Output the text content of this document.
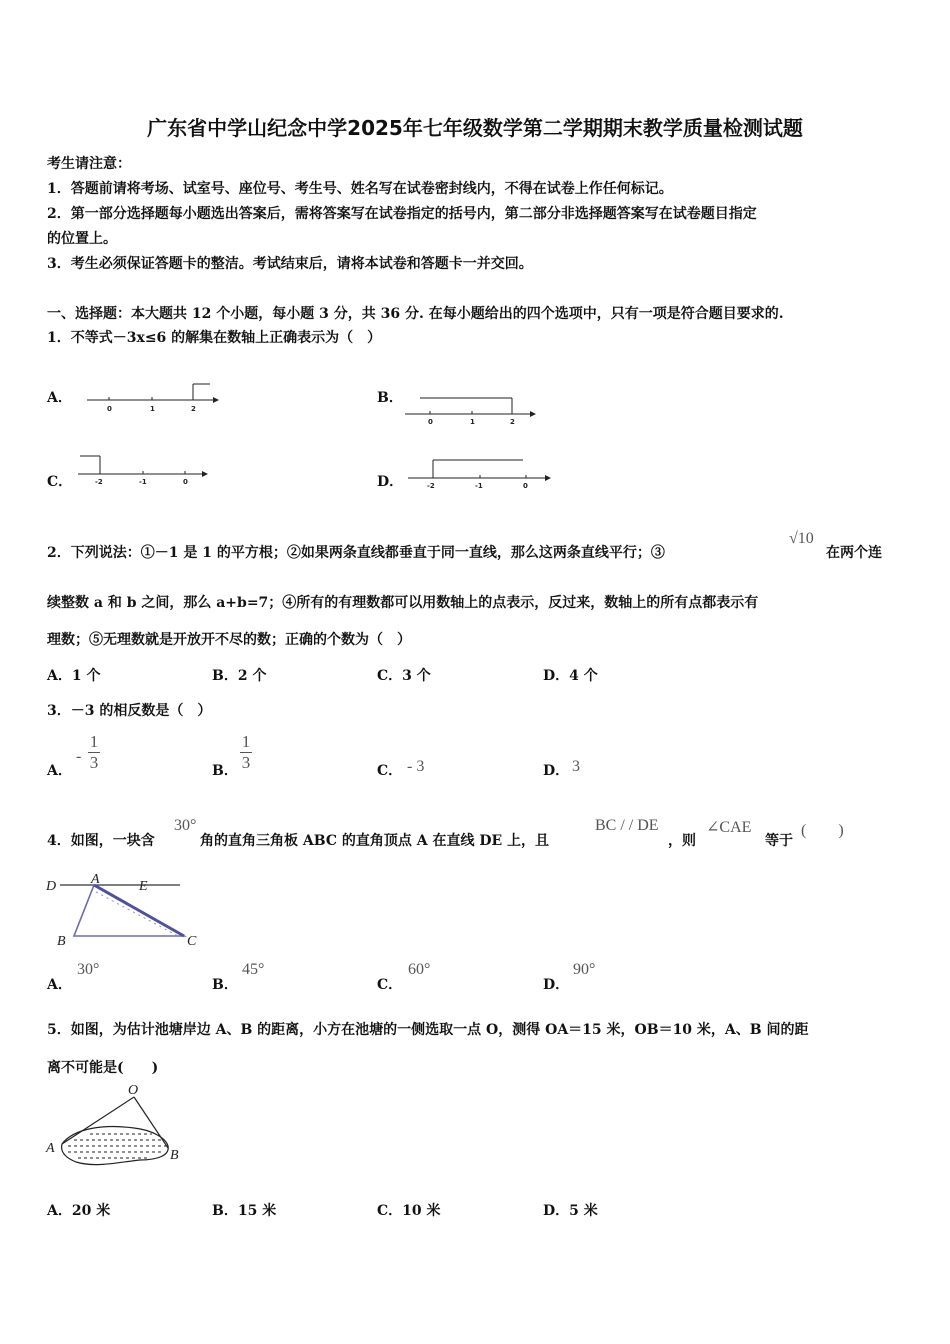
广东省中学山纪念中学2025年七年级数学第二学期期末教学质量检测试题
考生请注意：
1．答题前请将考场、试室号、座位号、考生号、姓名写在试卷密封线内，不得在试卷上作任何标记。
2．第一部分选择题每小题选出答案后，需将答案写在试卷指定的括号内，第二部分非选择题答案写在试卷题目指定
的位置上。
3．考生必须保证答题卡的整洁。考试结束后，请将本试卷和答题卡一并交回。
一、选择题：本大题共 12 个小题，每小题 3 分，共 36 分. 在每小题给出的四个选项中，只有一项是符合题目要求的.
1．不等式－3x≤6 的解集在数轴上正确表示为（　）
A．	B．
C．	D．
0	1	2
0	1	2
-2	-1	0	-2	-1	0
2．下列说法：①－1 是 1 的平方根；②如果两条直线都垂直于同一直线，那么这两条直线平行；③
√10
在两个连
续整数 a 和 b 之间，那么 a+b=7；④所有的有理数都可以用数轴上的点表示，反过来，数轴上的所有点都表示有
理数；⑤无理数就是开放开不尽的数；正确的个数为（　）
A．1 个	B．2 个	C．3 个	D．4 个
3．－3 的相反数是（　）
A．
-
1
3	B．
1
3	C． - 3	D． 3
4．如图，一块含
30°
角的直角三角板 ABC 的直角顶点 A 在直线 DE 上，且
BC / / DE
，则
∠CAE
等于
(　　)
D A	E
B	C
A．
30°
B．
45°
C．
60°
D．
90°
5．如图，为估计池塘岸边 A、B 的距离，小方在池塘的一侧选取一点 O，测得 OA＝15 米，OB＝10 米，A、B 间的距
离不可能是(　　)
O
A	B
A．20 米	B．15 米	C．10 米	D．5 米
